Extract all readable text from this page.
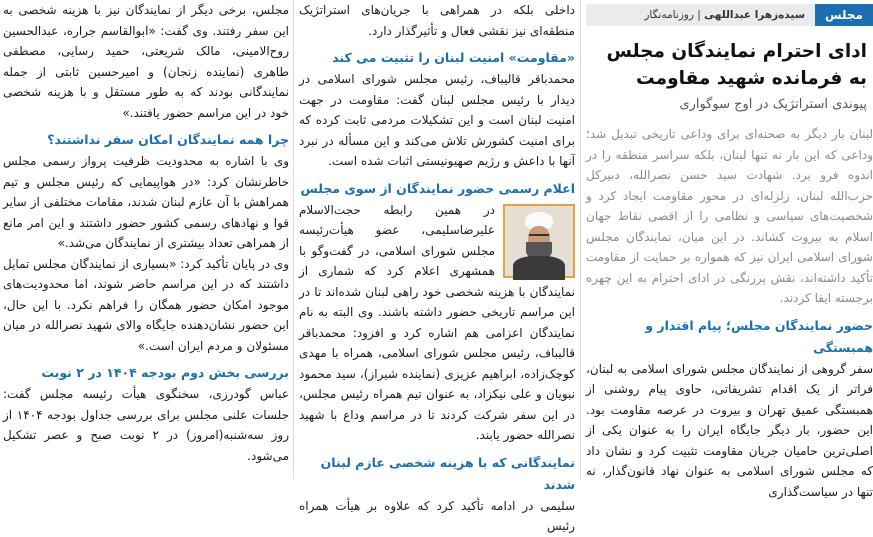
مجلس
سیده‌زهرا عبداللهی | روزنامه‌نگار
ادای احترام نمایندگان مجلس به فرمانده شهید مقاومت
پیوندی استراتژیک در اوج سوگواری

لبنان بار دیگر به صحنه‌ای برای وداعی تاریخی تبدیل شد؛ وداعی که این بار نه تنها لبنان، بلکه سراسر منطقه را در اندوه فرو برد. شهادت سید حسن نصرالله، دبیرکل حزب‌الله لبنان، زلزله‌ای در محور مقاومت ایجاد کرد و شخصیت‌های سیاسی و نظامی را از اقصی نقاط جهان اسلام به بیروت کشاند. در این میان، نمایندگان مجلس شورای اسلامی ایران نیز که همواره بر حمایت از مقاومت تأکید داشته‌اند، نقش پررنگی در ادای احترام به این چهره برجسته ایفا کردند.

حضور نمایندگان مجلس؛ پیام اقتدار و همبستگی

سفر گروهی از نمایندگان مجلس شورای اسلامی به لبنان، فراتر از یک اقدام تشریفاتی، حاوی پیام روشنی از همبستگی عمیق تهران و بیروت در عرصه مقاومت بود. این حضور، بار دیگر جایگاه ایران را به عنوان یکی از اصلی‌ترین حامیان جریان مقاومت تثبیت کرد و نشان داد که مجلس شورای اسلامی به عنوان نهاد قانون‌گذار، نه تنها در سیاست‌گذاری

داخلی بلکه در همراهی با جریان‌های استراتژیک منطقه‌ای نیز نقشی فعال و تأثیرگذار دارد.

«مقاومت» امنیت لبنان را تثبیت می کند

محمدباقر قالیباف، رئیس مجلس شورای اسلامی در دیدار با رئیس مجلس لبنان گفت: مقاومت در جهت امنیت لبنان است و این تشکیلات مردمی ثابت کرده که برای امنیت کشورش تلاش می‌کند و این مسأله در نبرد آنها با داعش و رژیم صهیونیستی اثبات شده است.

اعلام رسمی حضور نمایندگان از سوی مجلس

در همین رابطه حجت‌الاسلام علیرضاسلیمی، عضو هیأت‌رئیسه مجلس شورای اسلامی، در گفت‌وگو با همشهری اعلام کرد که شماری از نمایندگان با هزینه شخصی خود راهی لبنان شده‌اند تا در این مراسم تاریخی حضور داشته باشند. وی البته به نام نمایندگان اعزامی هم اشاره کرد و افزود: محمدباقر قالیباف، رئیس مجلس شورای اسلامی، همراه با مهدی کوچک‌زاده، ابراهیم عزیزی (نماینده شیراز)، سید محمود نبویان و علی نیکزاد، به عنوان تیم همراه رئیس مجلس، در این سفر شرکت کردند تا در مراسم وداع با شهید نصرالله حضور یابند.

نمایندگانی که با هزینه شخصی عازم لبنان شدند

سلیمی در ادامه تأکید کرد که علاوه بر هیأت همراه رئیس

مجلس، برخی دیگر از نمایندگان نیز با هزینه شخصی به این سفر رفتند. وی گفت: «ابوالقاسم جراره، عبدالحسین روح‌الامینی، مالک شریعتی، حمید رسایی، مصطفی طاهری (نماینده زنجان) و امیرحسین ثابتی از جمله نمایندگانی بودند که به طور مستقل و با هزینه شخصی خود در این مراسم حضور یافتند.»

چرا همه نمایندگان امکان سفر نداشتند؟

وی با اشاره به محدودیت ظرفیت پرواز رسمی مجلس خاطرنشان کرد: «در هواپیمایی که رئیس مجلس و تیم همراهش با آن عازم لبنان شدند، مقامات مختلفی از سایر قوا و نهادهای رسمی کشور حضور داشتند و این امر مانع از همراهی تعداد بیشتری از نمایندگان می‌شد.»

وی در پایان تأکید کرد: «بسیاری از نمایندگان مجلس تمایل داشتند که در این مراسم حاضر شوند، اما محدودیت‌های موجود امکان حضور همگان را فراهم نکرد. با این حال، این حضور نشان‌دهنده جایگاه والای شهید نصرالله در میان مسئولان و مردم ایران است.»

بررسی بخش دوم بودجه ۱۴۰۴ در ۲ نوبت

عباس گودرزی، سخنگوی هیأت رئیسه مجلس گفت: جلسات علنی مجلس برای بررسی جداول بودجه ۱۴۰۴ از روز سه‌شنبه(امروز) در ۲ نوبت صبح و عصر تشکیل می‌شود.
